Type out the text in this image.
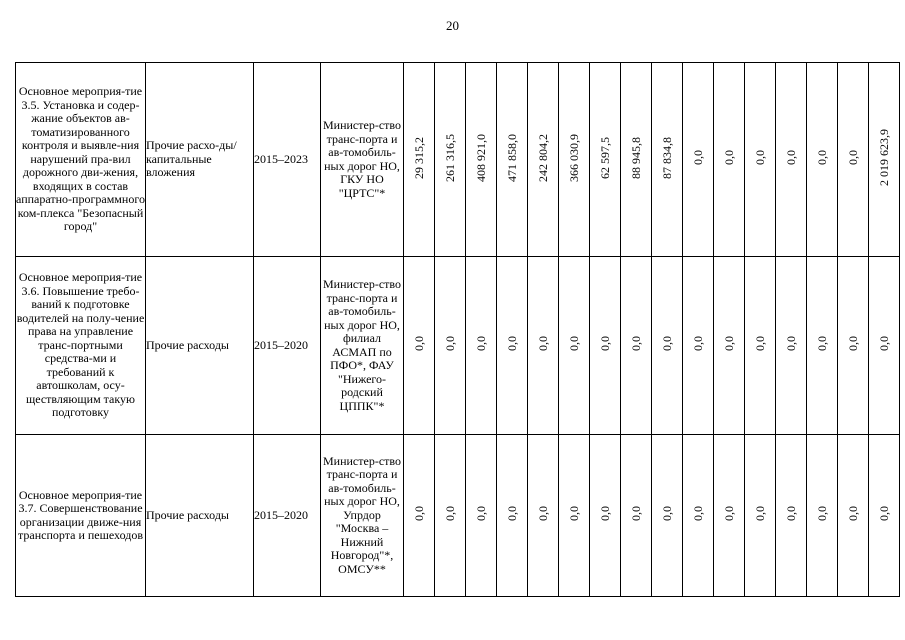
20
Основное мероприя-тие 3.5. Установка и содер-жание объектов ав-томатизированного контроля и выявле-ния нарушений пра-вил дорожного дви-жения, входящих в состав аппаратно-программного ком-плекса "Безопасный город"	Прочие расхо-ды/капитальные вложения	2015–2023	Министер-ство транс-порта и ав-томобиль-ных дорог НО, ГКУ НО "ЦРТС"*	29 315,2	261 316,5	408 921,0	471 858,0	242 804,2	366 030,9	62 597,5	88 945,8	87 834,8	0,0	0,0	0,0	0,0	0,0	0,0	2 019 623,9
Основное мероприя-тие 3.6. Повышение требо-ваний к подготовке водителей на полу-чение права на управление транс-портными средства-ми и требований к автошколам, осу-ществляющим такую подготовку	Прочие расходы	2015–2020	Министер-ство транс-порта и ав-томобиль-ных дорог НО, филиал АСМАП по ПФО*, ФАУ "Нижего-родский ЦППК"*	0,0	0,0	0,0	0,0	0,0	0,0	0,0	0,0	0,0	0,0	0,0	0,0	0,0	0,0	0,0	0,0
Основное мероприя-тие 3.7. Совершенствование организации движе-ния транспорта и пешеходов	Прочие расходы	2015–2020	Министер-ство транс-порта и ав-томобиль-ных дорог НО, Упрдор "Москва – Нижний Новгород"*, ОМСУ**	0,0	0,0	0,0	0,0	0,0	0,0	0,0	0,0	0,0	0,0	0,0	0,0	0,0	0,0	0,0	0,0
